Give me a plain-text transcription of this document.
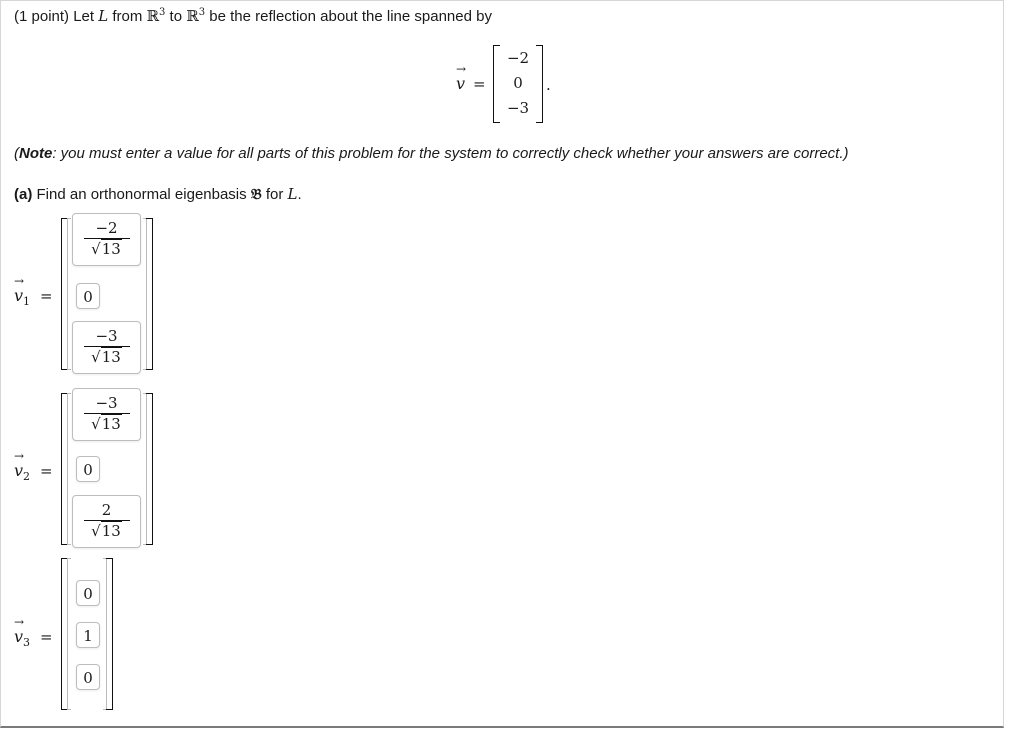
(1 point) Let L from ℝ$^3$ to ℝ$^3$ be the reflection about the line spanned by
→
v =
−2
0
−3
.
(Note: you must enter a value for all parts of this problem for the system to correctly check whether your answers are correct.)
(a) Find an orthonormal eigenbasis 𝔅 for L.
→
$v_1$ =
−2
√13
0
−3
√13
→
$v_2$ =
−3
√13
0
2
√13
→
$v_3$ =
0
1
0
